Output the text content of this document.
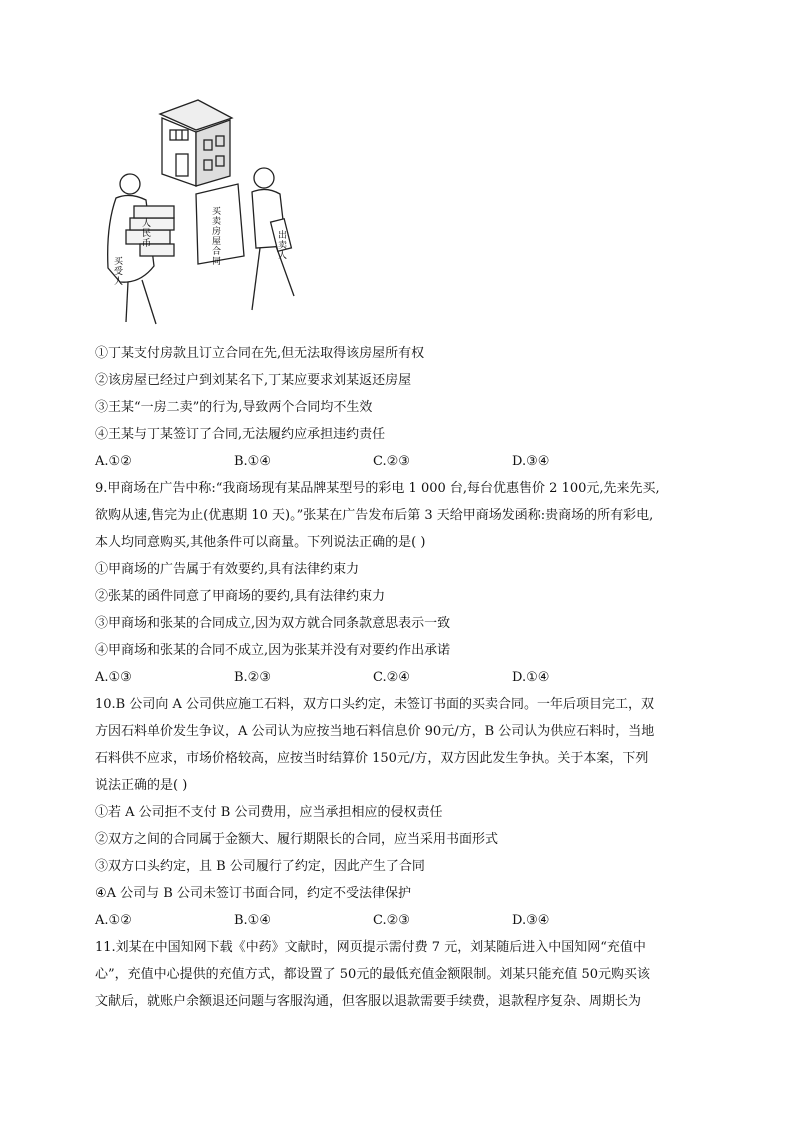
买卖房屋合同
买受人
出卖人
人民币
①丁某支付房款且订立合同在先,但无法取得该房屋所有权
②该房屋已经过户到刘某名下,丁某应要求刘某返还房屋
③王某“一房二卖”的行为,导致两个合同均不生效
④王某与丁某签订了合同,无法履约应承担违约责任
A.①②	B.①④	C.②③	D.③④
9.甲商场在广告中称:“我商场现有某品牌某型号的彩电 1 000 台,每台优惠售价 2 100元,先来先买,
欲购从速,售完为止(优惠期 10 天)。”张某在广告发布后第 3 天给甲商场发函称:贵商场的所有彩电,
本人均同意购买,其他条件可以商量。下列说法正确的是( )
①甲商场的广告属于有效要约,具有法律约束力
②张某的函件同意了甲商场的要约,具有法律约束力
③甲商场和张某的合同成立,因为双方就合同条款意思表示一致
④甲商场和张某的合同不成立,因为张某并没有对要约作出承诺
A.①③	B.②③	C.②④	D.①④
10.B 公司向 A 公司供应施工石料，双方口头约定，未签订书面的买卖合同。一年后项目完工，双
方因石料单价发生争议，A 公司认为应按当地石料信息价 90元/方，B 公司认为供应石料时，当地
石料供不应求，市场价格较高，应按当时结算价 150元/方，双方因此发生争执。关于本案，下列
说法正确的是( )
①若 A 公司拒不支付 B 公司费用，应当承担相应的侵权责任
②双方之间的合同属于金额大、履行期限长的合同，应当采用书面形式
③双方口头约定，且 B 公司履行了约定，因此产生了合同
④A 公司与 B 公司未签订书面合同，约定不受法律保护
A.①②	B.①④	C.②③	D.③④
11.刘某在中国知网下载《中药》文献时，网页提示需付费 7 元，刘某随后进入中国知网“充值中
心”，充值中心提供的充值方式，都设置了 50元的最低充值金额限制。刘某只能充值 50元购买该
文献后，就账户余额退还问题与客服沟通，但客服以退款需要手续费，退款程序复杂、周期长为
